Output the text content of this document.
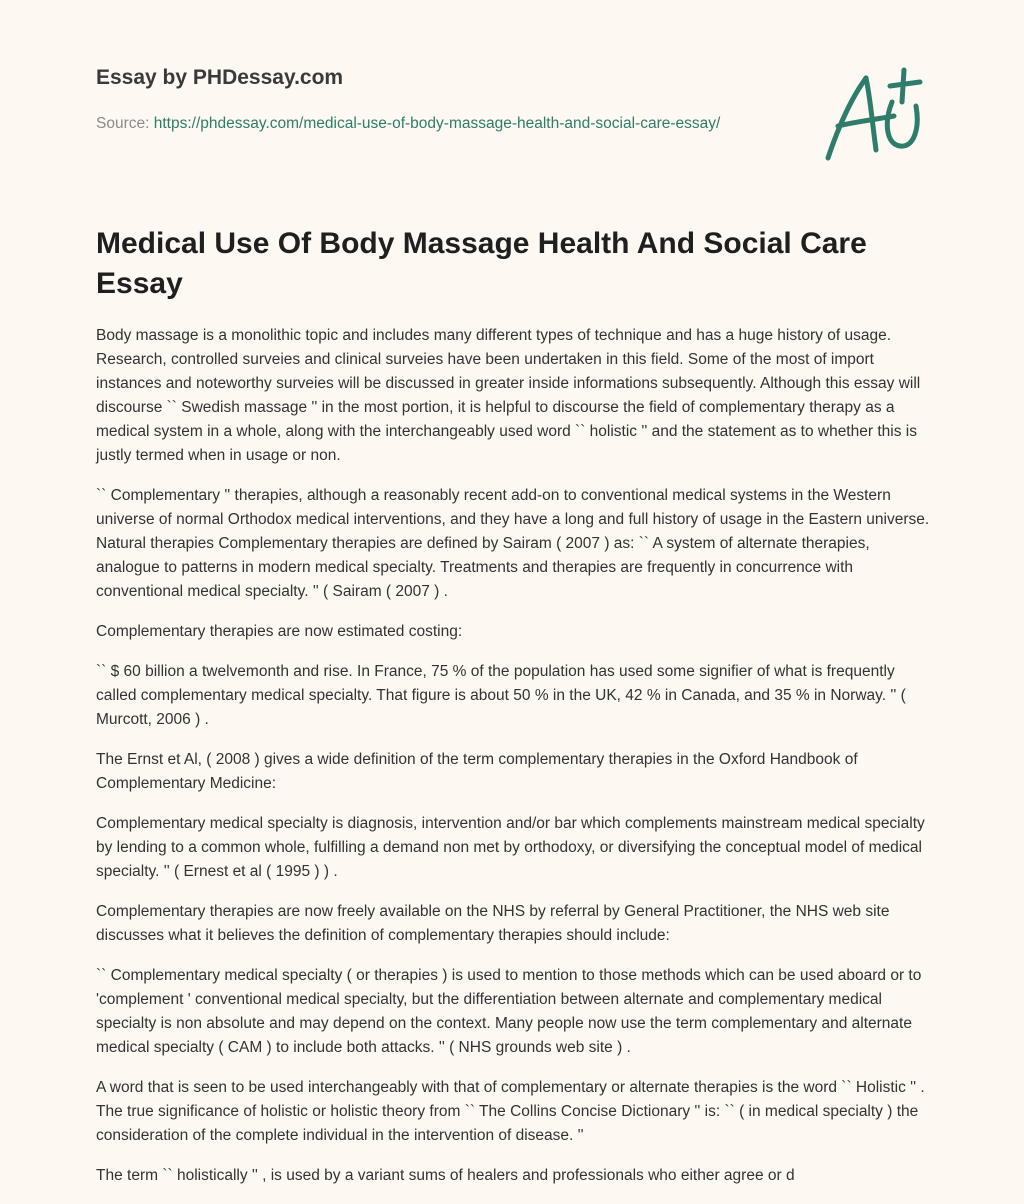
Essay by PHDessay.com
Source: https://phdessay.com/medical-use-of-body-massage-health-and-social-care-essay/
Medical Use Of Body Massage Health And Social Care Essay

Body massage is a monolithic topic and includes many different types of technique and has a huge history of usage. Research, controlled surveies and clinical surveies have been undertaken in this field. Some of the most of import instances and noteworthy surveies will be discussed in greater inside informations subsequently. Although this essay will discourse `` Swedish massage '' in the most portion, it is helpful to discourse the field of complementary therapy as a medical system in a whole, along with the interchangeably used word `` holistic '' and the statement as to whether this is justly termed when in usage or non.

`` Complementary '' therapies, although a reasonably recent add-on to conventional medical systems in the Western universe of normal Orthodox medical interventions, and they have a long and full history of usage in the Eastern universe. Natural therapies Complementary therapies are defined by Sairam ( 2007 ) as: `` A system of alternate therapies, analogue to patterns in modern medical specialty. Treatments and therapies are frequently in concurrence with conventional medical specialty. '' ( Sairam ( 2007 ) .

Complementary therapies are now estimated costing:

`` $ 60 billion a twelvemonth and rise. In France, 75 % of the population has used some signifier of what is frequently called complementary medical specialty. That figure is about 50 % in the UK, 42 % in Canada, and 35 % in Norway. '' ( Murcott, 2006 ) .

The Ernst et Al, ( 2008 ) gives a wide definition of the term complementary therapies in the Oxford Handbook of Complementary Medicine:

Complementary medical specialty is diagnosis, intervention and/or bar which complements mainstream medical specialty by lending to a common whole, fulfilling a demand non met by orthodoxy, or diversifying the conceptual model of medical specialty. '' ( Ernest et al ( 1995 ) ) .

Complementary therapies are now freely available on the NHS by referral by General Practitioner, the NHS web site discusses what it believes the definition of complementary therapies should include:

`` Complementary medical specialty ( or therapies ) is used to mention to those methods which can be used aboard or to 'complement ' conventional medical specialty, but the differentiation between alternate and complementary medical specialty is non absolute and may depend on the context. Many people now use the term complementary and alternate medical specialty ( CAM ) to include both attacks. '' ( NHS grounds web site ) .

A word that is seen to be used interchangeably with that of complementary or alternate therapies is the word `` Holistic '' . The true significance of holistic or holistic theory from `` The Collins Concise Dictionary '' is: `` ( in medical specialty ) the consideration of the complete individual in the intervention of disease. ''

The term `` holistically '' , is used by a variant sums of healers and professionals who either agree or d
